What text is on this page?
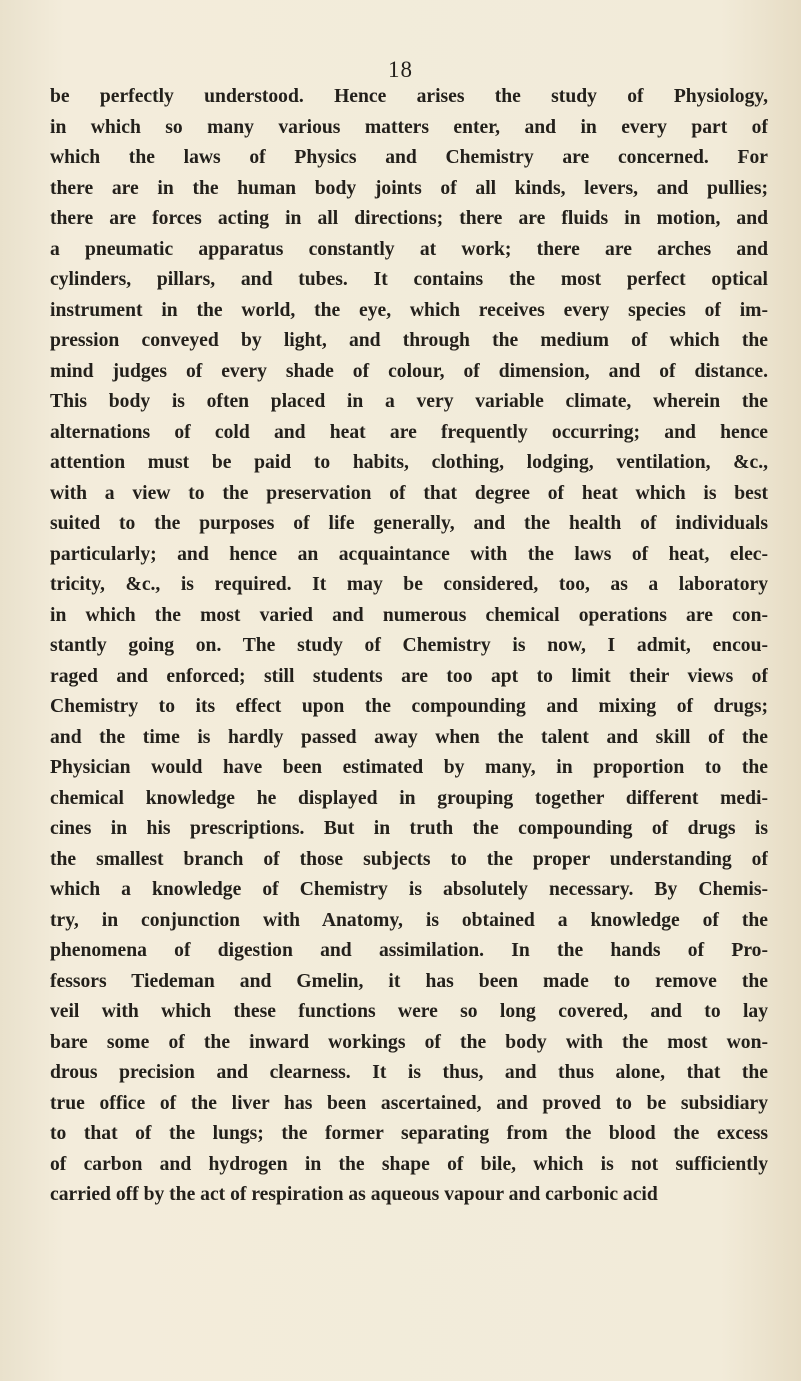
18
be perfectly understood. Hence arises the study of Physiology,
in which so many various matters enter, and in every part of
which the laws of Physics and Chemistry are concerned. For
there are in the human body joints of all kinds, levers, and pullies;
there are forces acting in all directions; there are fluids in motion, and
a pneumatic apparatus constantly at work; there are arches and
cylinders, pillars, and tubes. It contains the most perfect optical
instrument in the world, the eye, which receives every species of im-
pression conveyed by light, and through the medium of which the
mind judges of every shade of colour, of dimension, and of distance.
This body is often placed in a very variable climate, wherein the
alternations of cold and heat are frequently occurring; and hence
attention must be paid to habits, clothing, lodging, ventilation, &c.,
with a view to the preservation of that degree of heat which is best
suited to the purposes of life generally, and the health of individuals
particularly; and hence an acquaintance with the laws of heat, elec-
tricity, &c., is required. It may be considered, too, as a laboratory
in which the most varied and numerous chemical operations are con-
stantly going on. The study of Chemistry is now, I admit, encou-
raged and enforced; still students are too apt to limit their views of
Chemistry to its effect upon the compounding and mixing of drugs;
and the time is hardly passed away when the talent and skill of the
Physician would have been estimated by many, in proportion to the
chemical knowledge he displayed in grouping together different medi-
cines in his prescriptions. But in truth the compounding of drugs is
the smallest branch of those subjects to the proper understanding of
which a knowledge of Chemistry is absolutely necessary. By Chemis-
try, in conjunction with Anatomy, is obtained a knowledge of the
phenomena of digestion and assimilation. In the hands of Pro-
fessors Tiedeman and Gmelin, it has been made to remove the
veil with which these functions were so long covered, and to lay
bare some of the inward workings of the body with the most won-
drous precision and clearness. It is thus, and thus alone, that the
true office of the liver has been ascertained, and proved to be subsidiary
to that of the lungs; the former separating from the blood the excess
of carbon and hydrogen in the shape of bile, which is not sufficiently
carried off by the act of respiration as aqueous vapour and carbonic acid
